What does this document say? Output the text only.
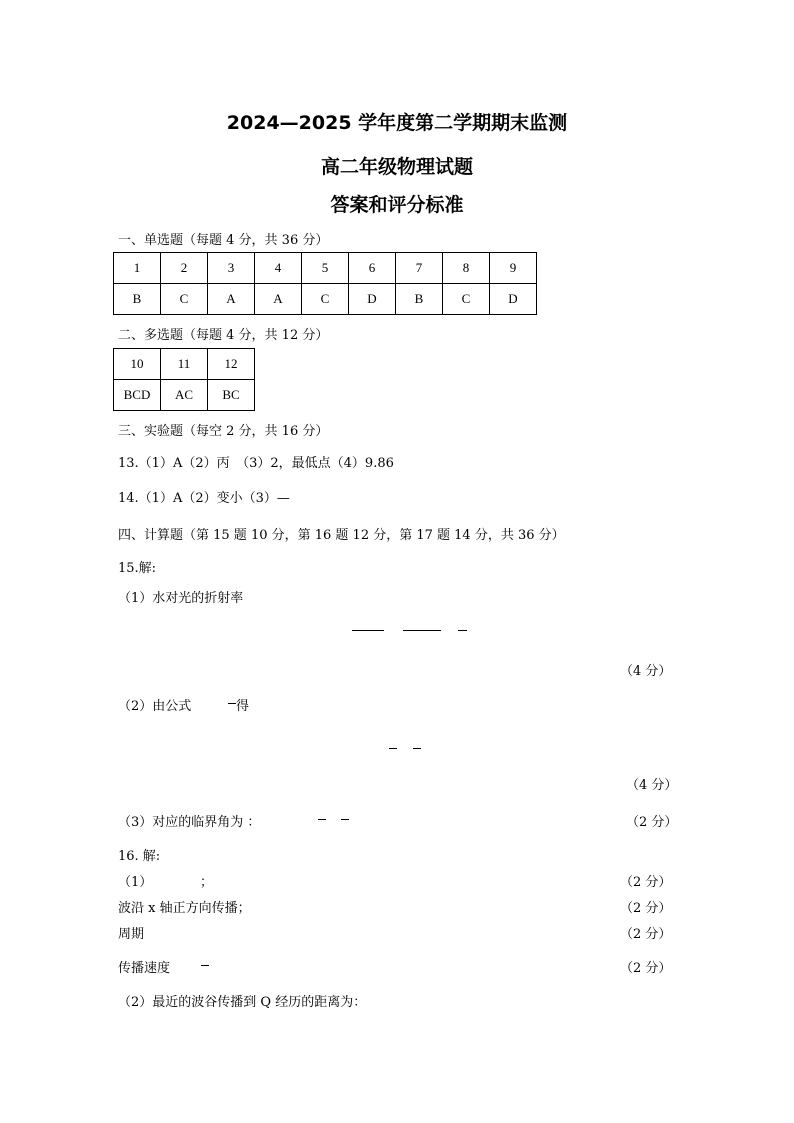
2024—2025 学年度第二学期期末监测
高二年级物理试题
答案和评分标准
一、单选题（每题 4 分，共 36 分）
1	2	3	4	5	6	7	8	9
B	C	A	A	C	D	B	C	D
二、多选题（每题 4 分，共 12 分）
10	11	12
BCD	AC	BC
三、实验题（每空 2 分，共 16 分）
13.（1）A（2）丙　（3）2，最低点（4）9.86
14.（1）A（2）变小（3）—
四、计算题（第 15 题 10 分，第 16 题 12 分，第 17 题 14 分，共 36 分）
15.解:
（1）水对光的折射率
（4 分）
（2）由公式	得
（4 分）
（3）对应的临界角为 ：	（2 分）
16. 解:
（1）	；	（2 分）
波沿 x 轴正方向传播；	（2 分）
周期	（2 分）
传播速度	（2 分）
（2）最近的波谷传播到 Q 经历的距离为：
